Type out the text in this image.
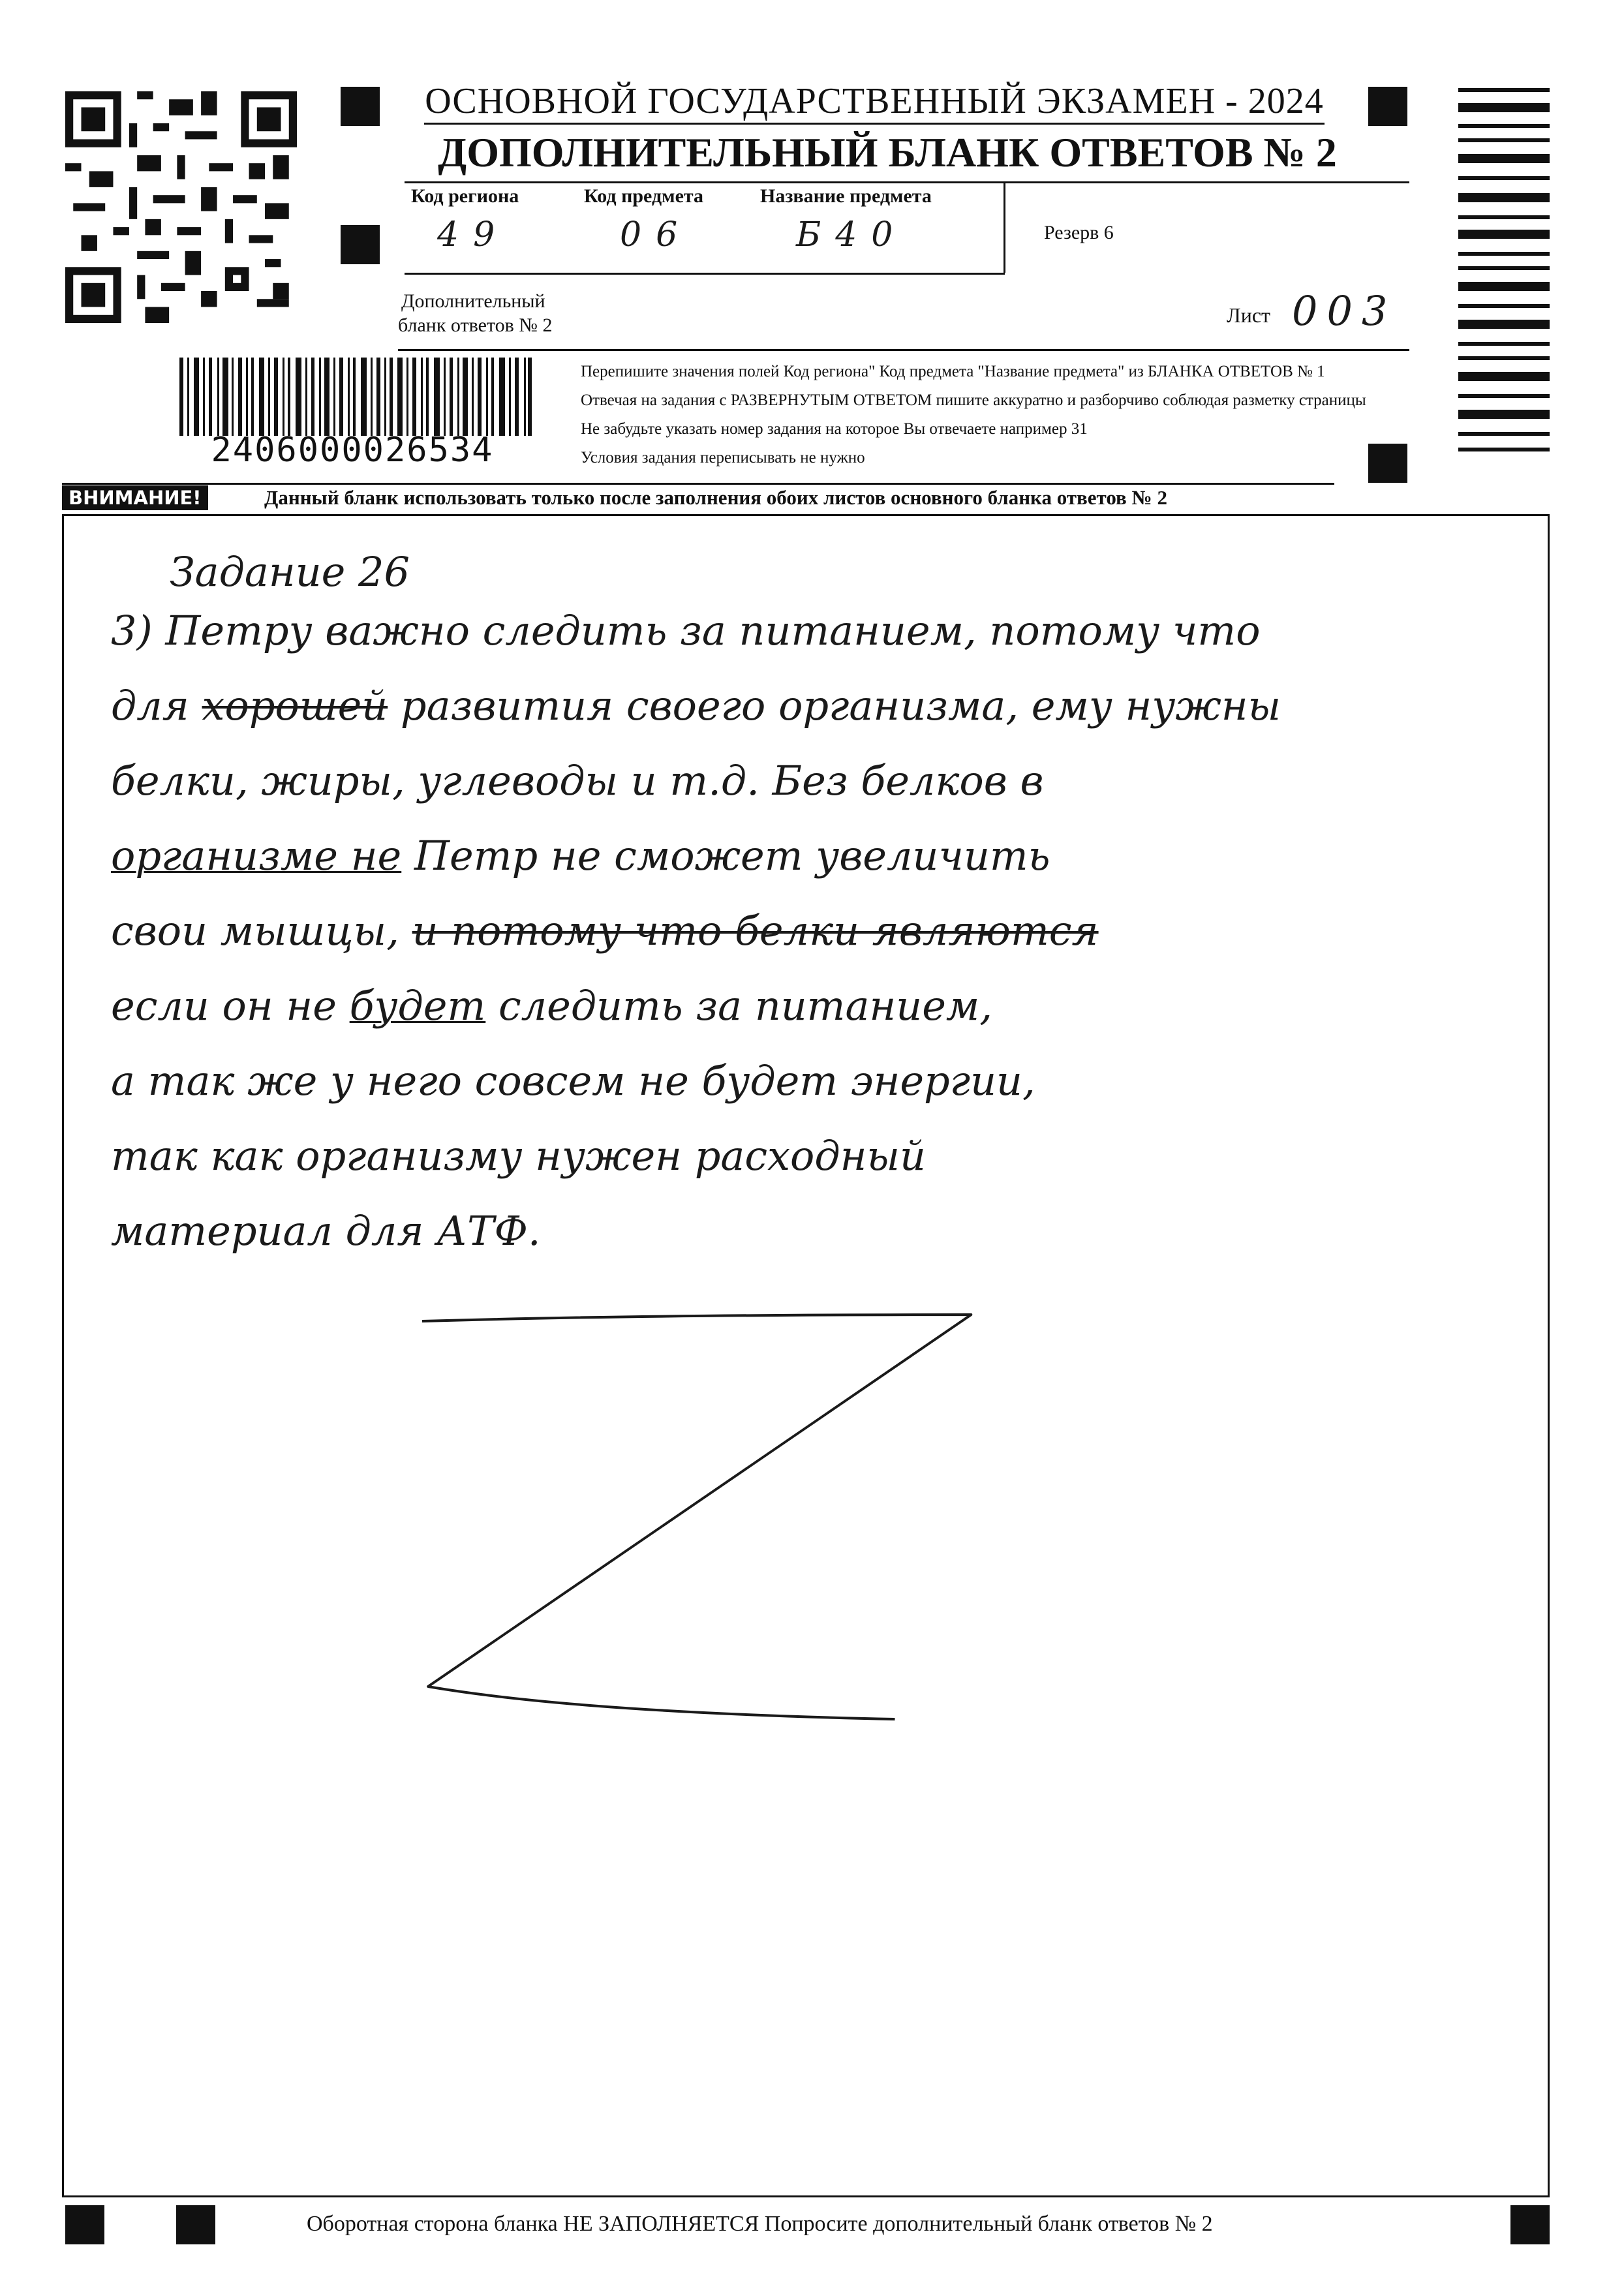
ОСНОВНОЙ ГОСУДАРСТВЕННЫЙ ЭКЗАМЕН - 2024
ДОПОЛНИТЕЛЬНЫЙ БЛАНК ОТВЕТОВ № 2
Код региона	Код предмета	Название предмета
49	06	Б40	Резерв 6
Дополнительный
бланк ответов № 2	Лист 003
2406000026534
Перепишите значения полей Код региона" Код предмета "Название предмета" из БЛАНКА ОТВЕТОВ № 1
Отвечая на задания с РАЗВЕРНУТЫМ ОТВЕТОМ пишите аккуратно и разборчиво соблюдая разметку страницы
Не забудьте указать номер задания на которое Вы отвечаете например 31
Условия задания переписывать не нужно
ВНИМАНИЕ!	Данный бланк использовать только после заполнения обоих листов основного бланка ответов № 2
Задание 26
3) Петру важно следить за питанием, потому что
для хорошей развития своего организма, ему нужны
белки, жиры, углеводы и т.д. Без белков в
организме не Петр не сможет увеличить
свои мышцы, и потому что белки являются
если он не будет следить за питанием,
а так же у него совсем не будет энергии,
так как организму нужен расходный
материал для АТФ.
Оборотная сторона бланка НЕ ЗАПОЛНЯЕТСЯ Попросите дополнительный бланк ответов № 2
